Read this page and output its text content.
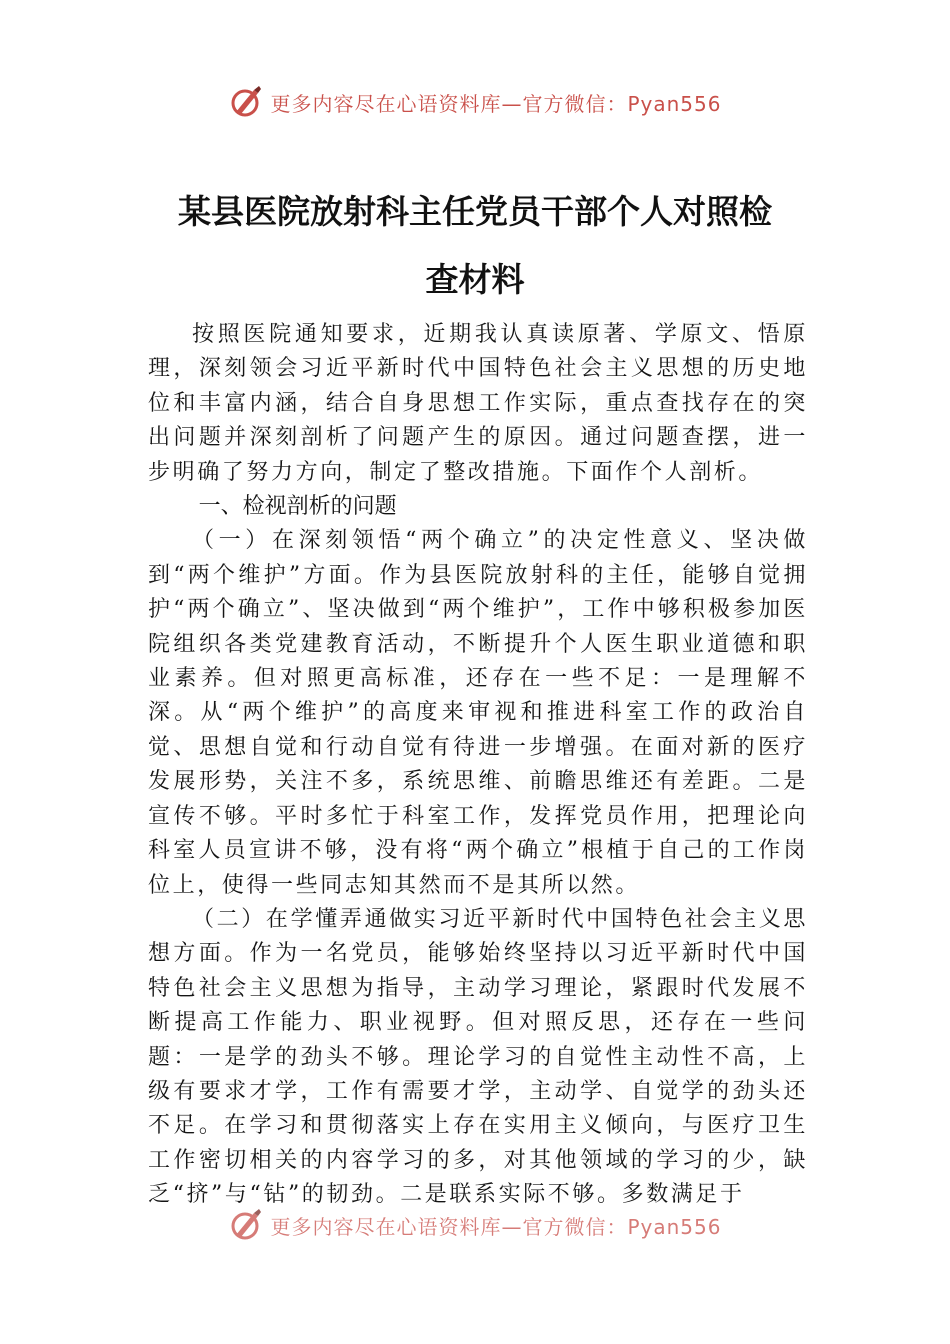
更多内容尽在心语资料库—官方微信：Pyan556
某县医院放射科主任党员干部个人对照检
查材料

按照医院通知要求，近期我认真读原著、学原文、悟原理，深刻领会习近平新时代中国特色社会主义思想的历史地位和丰富内涵，结合自身思想工作实际，重点查找存在的突出问题并深刻剖析了问题产生的原因。通过问题查摆，进一步明确了努力方向，制定了整改措施。下面作个人剖析。

一、检视剖析的问题

（一）在深刻领悟“两个确立”的决定性意义、坚决做到“两个维护”方面。作为县医院放射科的主任，能够自觉拥护“两个确立”、坚决做到“两个维护”，工作中够积极参加医院组织各类党建教育活动，不断提升个人医生职业道德和职业素养。但对照更高标准，还存在一些不足：一是理解不深。从“两个维护”的高度来审视和推进科室工作的政治自觉、思想自觉和行动自觉有待进一步增强。在面对新的医疗发展形势，关注不多，系统思维、前瞻思维还有差距。二是宣传不够。平时多忙于科室工作，发挥党员作用，把理论向科室人员宣讲不够，没有将“两个确立”根植于自己的工作岗位上，使得一些同志知其然而不是其所以然。

（二）在学懂弄通做实习近平新时代中国特色社会主义思想方面。作为一名党员，能够始终坚持以习近平新时代中国特色社会主义思想为指导，主动学习理论，紧跟时代发展不断提高工作能力、职业视野。但对照反思，还存在一些问题：一是学的劲头不够。理论学习的自觉性主动性不高，上级有要求才学，工作有需要才学，主动学、自觉学的劲头还不足。在学习和贯彻落实上存在实用主义倾向，与医疗卫生工作密切相关的内容学习的多，对其他领域的学习的少，缺乏“挤”与“钻”的韧劲。二是联系实际不够。多数满足于

更多内容尽在心语资料库—官方微信：Pyan556
